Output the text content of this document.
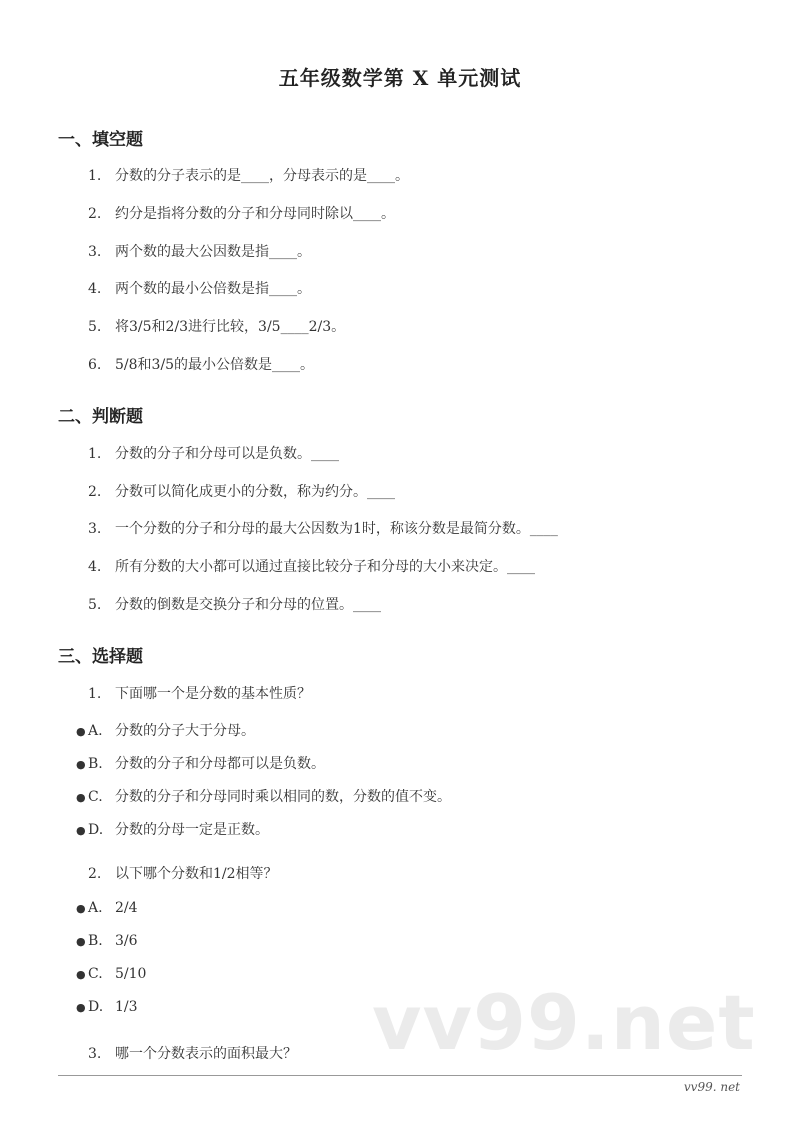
五年级数学第 X 单元测试
一、填空题
1. 分数的分子表示的是____，分母表示的是____。
2. 约分是指将分数的分子和分母同时除以____。
3. 两个数的最大公因数是指____。
4. 两个数的最小公倍数是指____。
5. 将3/5和2/3进行比较，3/5____2/3。
6. 5/8和3/5的最小公倍数是____。
二、判断题
1. 分数的分子和分母可以是负数。____
2. 分数可以简化成更小的分数，称为约分。____
3. 一个分数的分子和分母的最大公因数为1时，称该分数是最简分数。____
4. 所有分数的大小都可以通过直接比较分子和分母的大小来决定。____
5. 分数的倒数是交换分子和分母的位置。____
三、选择题
1. 下面哪一个是分数的基本性质？
● A. 分数的分子大于分母。
● B. 分数的分子和分母都可以是负数。
● C. 分数的分子和分母同时乘以相同的数，分数的值不变。
● D. 分数的分母一定是正数。
2. 以下哪个分数和1/2相等？
● A. 2/4
● B. 3/6
● C. 5/10
● D. 1/3	vv99.net
3. 哪一个分数表示的面积最大？
vv99. net
